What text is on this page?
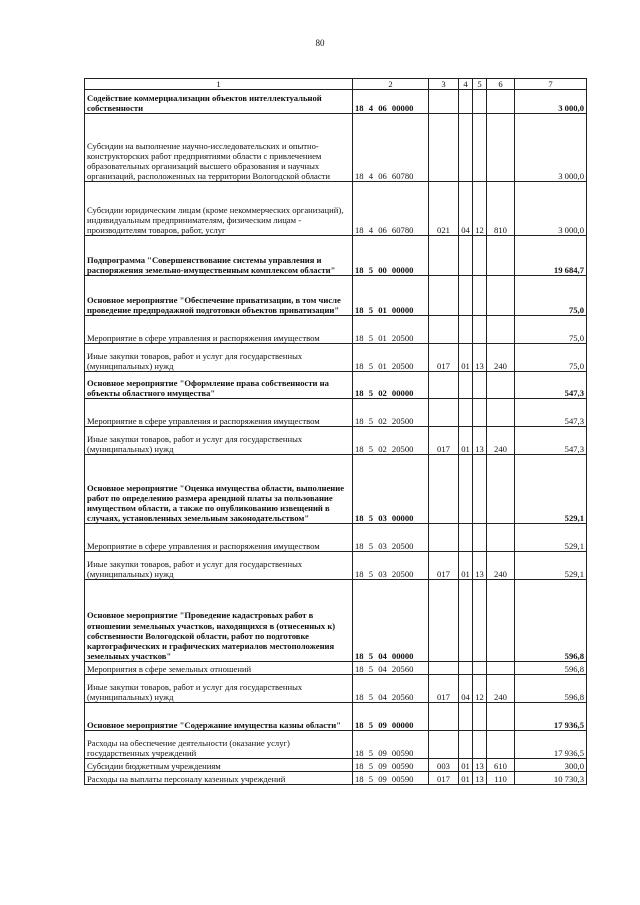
80
1	2	3	4	5	6	7
Содействие коммерциализации объектов интеллектуальной собственности	18 4 06 00000					3 000,0
Субсидии на выполнение научно-исследовательских и опытно-конструкторских работ предприятиями области с привлечением образовательных организаций высшего образования и научных организаций, расположенных на территории Вологодской области	18 4 06 60780					3 000,0
Субсидии юридическим лицам (кроме некоммерческих организаций), индивидуальным предпринимателям, физическим лицам - производителям товаров, работ, услуг	18 4 06 60780	021	04	12	810	3 000,0
Подпрограмма "Совершенствование системы управления и распоряжения земельно-имущественным комплексом области"	18 5 00 00000					19 684,7
Основное мероприятие "Обеспечение приватизации, в том числе проведение предпродажной подготовки объектов приватизации"	18 5 01 00000					75,0
Мероприятие в сфере управления и распоряжения имуществом	18 5 01 20500					75,0
Иные закупки товаров, работ и услуг для государственных (муниципальных) нужд	18 5 01 20500	017	01	13	240	75,0
Основное мероприятие "Оформление права собственности на объекты областного имущества"	18 5 02 00000					547,3
Мероприятие в сфере управления и распоряжения имуществом	18 5 02 20500					547,3
Иные закупки товаров, работ и услуг для государственных (муниципальных) нужд	18 5 02 20500	017	01	13	240	547,3
Основное мероприятие "Оценка имущества области, выполнение работ по определению размера арендной платы за пользование имуществом области, а также по опубликованию извещений в случаях, установленных земельным законодательством"	18 5 03 00000					529,1
Мероприятие в сфере управления и распоряжения имуществом	18 5 03 20500					529,1
Иные закупки товаров, работ и услуг для государственных (муниципальных) нужд	18 5 03 20500	017	01	13	240	529,1
Основное мероприятие "Проведение кадастровых работ в отношении земельных участков, находящихся в (отнесенных к) собственности Вологодской области, работ по подготовке картографических и графических материалов местоположения земельных участков"	18 5 04 00000					596,8
Мероприятия в сфере земельных отношений	18 5 04 20560					596,8
Иные закупки товаров, работ и услуг для государственных (муниципальных) нужд	18 5 04 20560	017	04	12	240	596,8
Основное мероприятие "Содержание имущества казны области"	18 5 09 00000					17 936,5
Расходы на обеспечение деятельности (оказание услуг) государственных учреждений	18 5 09 00590					17 936,5
Субсидии бюджетным учреждениям	18 5 09 00590	003	01	13	610	300,0
Расходы на выплаты персоналу казенных учреждений	18 5 09 00590	017	01	13	110	10 730,3
